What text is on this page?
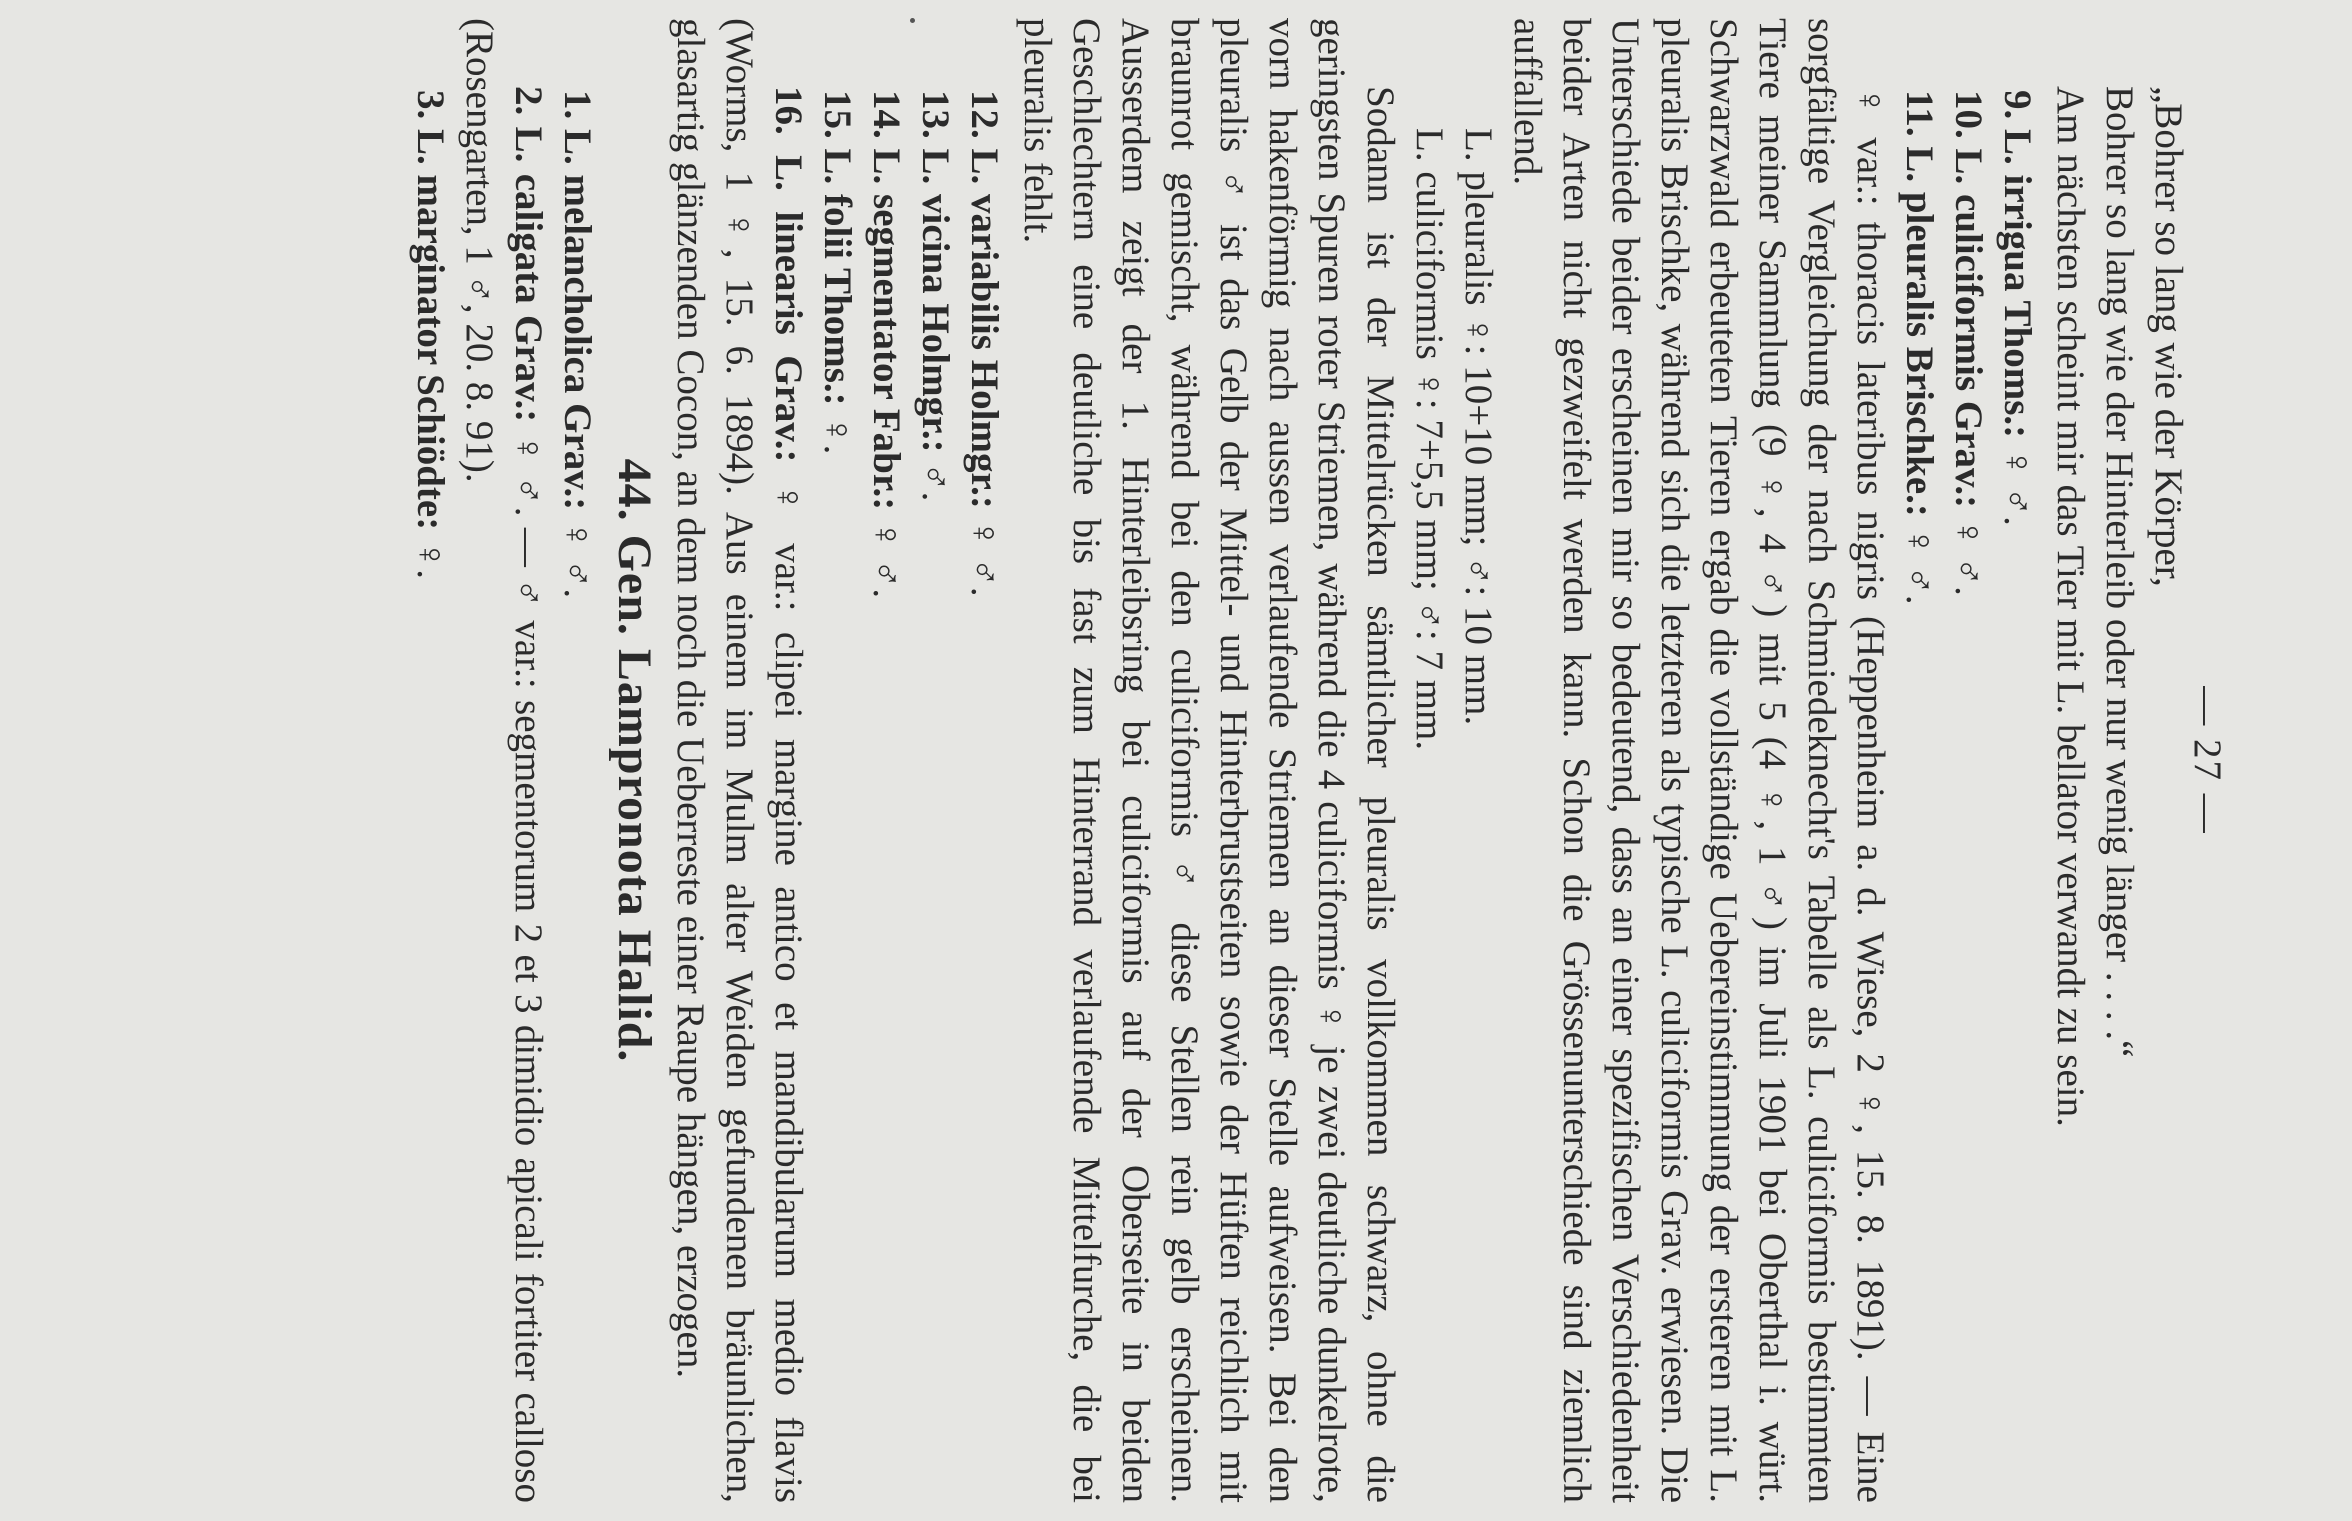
— 27 —

„Bohrer so lang wie der Körper,

Bohrer so lang wie der Hinterleib oder nur wenig länger . . . .“

Am nächsten scheint mir das Tier mit L. bellator verwandt zu sein.

9. L. irrigua Thoms.: ♀ ♂.

10. L. culiciformis Grav.: ♀ ♂.

11. L. pleuralis Brischke.: ♀ ♂.

♀ var.: thoracis lateribus nigris (Heppenheim a. d. Wiese, 2 ♀, 15. 8. 1891). — Eine sorgfältige Vergleichung der nach Schmiedeknecht's Tabelle als L. culiciformis bestimmten Tiere meiner Sammlung (9 ♀, 4 ♂) mit 5 (4 ♀, 1 ♂) im Juli 1901 bei Oberthal i. würt. Schwarzwald erbeuteten Tieren ergab die vollständige Uebereinstimmung der ersteren mit L. pleuralis Brischke, während sich die letzteren als typische L. culiciformis Grav. erwiesen. Die Unterschiede beider erscheinen mir so bedeutend, dass an einer spezifischen Verschiedenheit beider Arten nicht gezweifelt werden kann. Schon die Grössenunterschiede sind ziemlich auffallend.

L. pleuralis ♀: 10+10 mm; ♂: 10 mm.

L. culiciformis ♀: 7+5,5 mm; ♂: 7 mm.

Sodann ist der Mittelrücken sämtlicher pleuralis vollkommen schwarz, ohne die geringsten Spuren roter Striemen, während die 4 culiciformis ♀ je zwei deutliche dunkelrote, vorn hakenförmig nach aussen verlaufende Striemen an dieser Stelle aufweisen. Bei den pleuralis ♂ ist das Gelb der Mittel- und Hinterbrustseiten sowie der Hüften reichlich mit braunrot gemischt, während bei den culiciformis ♂ diese Stellen rein gelb erscheinen. Ausserdem zeigt der 1. Hinterleibsring bei culiciformis auf der Oberseite in beiden Geschlechtern eine deutliche bis fast zum Hinterrand verlaufende Mittelfurche, die bei pleuralis fehlt.

12. L. variabilis Holmgr.: ♀ ♂.

13. L. vicina Holmgr.: ♂.

14. L. segmentator Fabr.: ♀ ♂.

15. L. folii Thoms.: ♀.

16. L. linearis Grav.: ♀ var.: clipei margine antico et mandibularum medio flavis (Worms, 1 ♀, 15. 6. 1894). Aus einem im Mulm alter Weiden gefundenen bräunlichen, glasartig glänzenden Cocon, an dem noch die Ueberreste einer Raupe hängen, erzogen.

44. Gen. Lampronota Halid.

1. L. melancholica Grav.: ♀ ♂.

2. L. caligata Grav.: ♀ ♂. — ♂ var.: segmentorum 2 et 3 dimidio apicali fortiter calloso (Rosengarten, 1 ♂, 20. 8. 91).

3. L. marginator Schiödte: ♀.
